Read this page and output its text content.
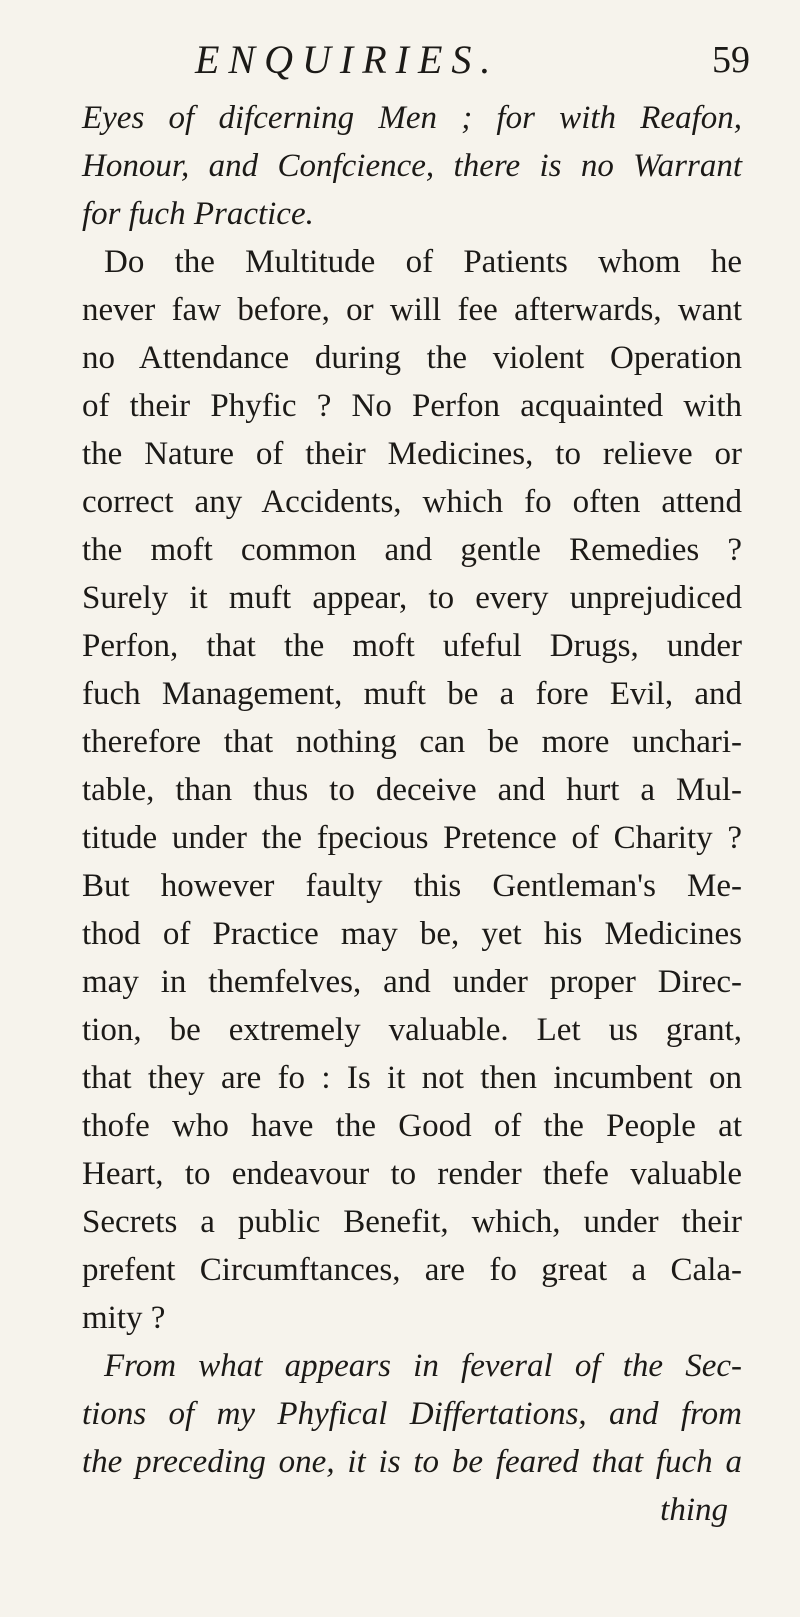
ENQUIRIES.	59
Eyes of difcerning Men ; for with Reafon,
Honour, and Confcience, there is no Warrant
for fuch Practice.
Do the Multitude of Patients whom he
never faw before, or will fee afterwards, want
no Attendance during the violent Operation
of their Phyfic ? No Perfon acquainted with
the Nature of their Medicines, to relieve or
correct any Accidents, which fo often attend
the moft common and gentle Remedies ?
Surely it muft appear, to every unprejudiced
Perfon, that the moft ufeful Drugs, under
fuch Management, muft be a fore Evil, and
therefore that nothing can be more unchari-
table, than thus to deceive and hurt a Mul-
titude under the fpecious Pretence of Charity ?
But however faulty this Gentleman's Me-
thod of Practice may be, yet his Medicines
may in themfelves, and under proper Direc-
tion, be extremely valuable. Let us grant,
that they are fo : Is it not then incumbent on
thofe who have the Good of the People at
Heart, to endeavour to render thefe valuable
Secrets a public Benefit, which, under their
prefent Circumftances, are fo great a Cala-
mity ?
From what appears in feveral of the Sec-
tions of my Phyfical Differtations, and from
the preceding one, it is to be feared that fuch a
thing
